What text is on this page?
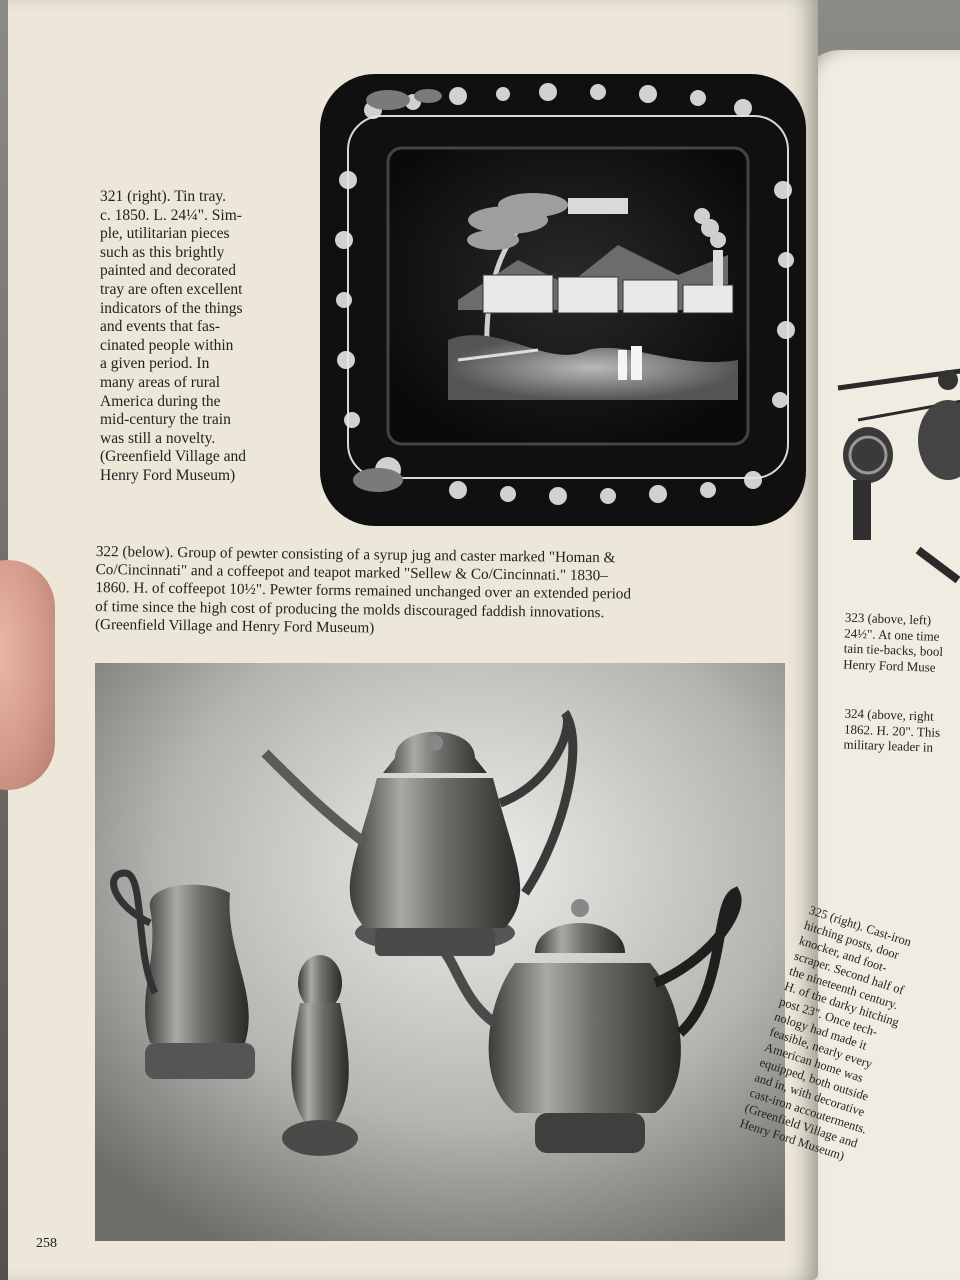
321 (right). Tin tray.
c. 1850. L. 24¼". Sim-
ple, utilitarian pieces
such as this brightly
painted and decorated
tray are often excellent
indicators of the things
and events that fas-
cinated people within
a given period. In
many areas of rural
America during the
mid-century the train
was still a novelty.
(Greenfield Village and
Henry Ford Museum)

322 (below). Group of pewter consisting of a syrup jug and caster marked "Homan &
Co/Cincinnati" and a coffeepot and teapot marked "Sellew & Co/Cincinnati." 1830–
1860. H. of coffeepot 10½". Pewter forms remained unchanged over an extended period
of time since the high cost of producing the molds discouraged faddish innovations.
(Greenfield Village and Henry Ford Museum)	323 (above, left)
24½". At one time
tain tie-backs, bool
Henry Ford Muse

324 (above, right
1862. H. 20". This
military leader in

325 (right). Cast-iron
hitching posts, door
knocker, and foot-
scraper. Second half of
the nineteenth century.
H. of the darky hitching
post 23". Once tech-
nology had made it
feasible, nearly every
American home was
equipped, both outside
and in, with decorative
cast-iron accouterments.
(Greenfield Village and
Henry Ford Museum)

258
